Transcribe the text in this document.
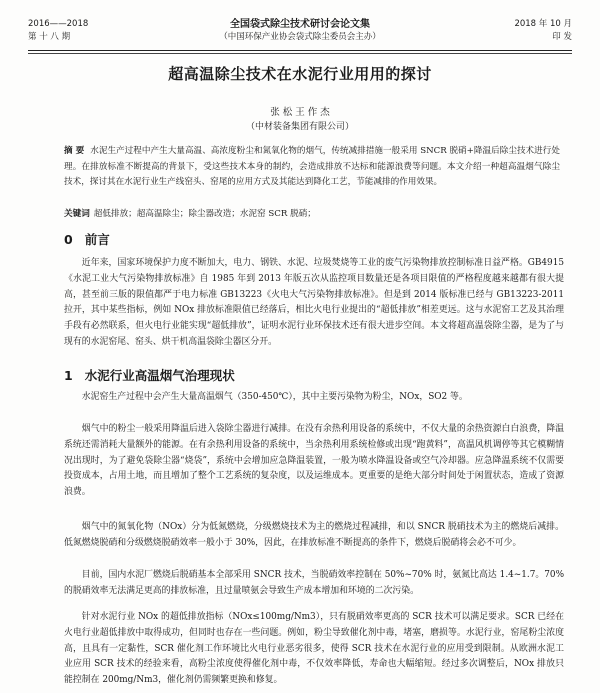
2016——2018
第 十 八 期
全国袋式除尘技术研讨会论文集
（中国环保产业协会袋式除尘委员会主办）
2018 年 10 月
印 发
超高温除尘技术在水泥行业用用的探讨
张 松 王 作 杰
（中材装备集团有限公司）
摘 要 水泥生产过程中产生大量高温、高浓度粉尘和氮氧化物的烟气，传统减排措施一般采用 SNCR 脱硝+降温后除尘技术进行处理。在排放标准不断提高的背景下，受这些技术本身的制约，会造成排放不达标和能源浪费等问题。本文介绍一种超高温烟气除尘技术，探讨其在水泥行业生产线窑头、窑尾的应用方式及其能达到降化工艺，节能减排的作用效果。
关键词 超低排放；超高温除尘；除尘器改造；水泥窑 SCR 脱硝；
0 前言
近年来，国家环境保护力度不断加大，电力、钢铁、水泥、垃圾焚烧等工业的废气污染物排放控制标准日益严格。GB4915《水泥工业大气污染物排放标准》自 1985 年到 2013 年版五次从监控项目数量还是各项目限值的严格程度越来越都有很大提高，甚至前三版的限值都严于电力标准 GB13223《火电大气污染物排放标准》。但是到 2014 版标准已经与 GB13223-2011 拉开，其中某些指标，例如 NOx 排放标准限值已经落后，相比火电行业提出的“超低排放”相差更远。这与水泥窑工艺及其治理手段有必然联系，但火电行业能实现“超低排放”，证明水泥行业环保技术还有很大进步空间。本文将超高温袋除尘器，是为了与现有的水泥窑尾、窑头、烘干机高温袋除尘器区分开。
1 水泥行业高温烟气治理现状
水泥窑生产过程中会产生大量高温烟气（350-450℃），其中主要污染物为粉尘，NOx，SO2 等。
烟气中的粉尘一般采用降温后进入袋除尘器进行减排。在没有余热利用设备的系统中，不仅大量的余热资源白白浪费，降温系统还需消耗大量额外的能源。在有余热利用设备的系统中，当余热利用系统检修或出现“跑黄料”，高温风机调停等其它模糊情况出现时，为了避免袋除尘器“烧袋”，系统中会增加应急降温装置，一般为喷水降温设备或空气冷却器。应急降温系统不仅需要投资成本，占用土地，而且增加了整个工艺系统的复杂度，以及运维成本。更重要的是绝大部分时间处于闲置状态，造成了资源浪费。
烟气中的氮氧化物（NOx）分为低氮燃烧，分级燃烧技术为主的燃烧过程减排，和以 SNCR 脱硝技术为主的燃烧后减排。低氮燃烧脱硝和分级燃烧脱硝效率一般小于 30%，因此，在排放标准不断提高的条件下，燃烧后脱硝将会必不可少。
目前，国内水泥厂燃烧后脱硝基本全部采用 SNCR 技术，当脱硝效率控制在 50%~70% 时，氨氮比高达 1.4~1.7。70% 的脱硝效率无法满足更高的排放标准，且过量喷氨会导致生产成本增加和环境的二次污染。
针对水泥行业 NOx 的超低排放指标（NOx≤100mg/Nm3），只有脱硝效率更高的 SCR 技术可以满足要求。SCR 已经在火电行业超低排放中取得成功，但同时也存在一些问题。例如，粉尘导致催化剂中毒，堵塞，磨损等。水泥行业，窑尾粉尘浓度高，且具有一定黏性，SCR 催化剂工作环境比火电行业恶劣很多，使得 SCR 技术在水泥行业的应用受到限制。从欧洲水泥工业应用 SCR 技术的经验来看，高粉尘浓度使得催化剂中毒，不仅效率降低，寿命也大幅缩短。经过多次调整后，NOx 排放只能控制在 200mg/Nm3，催化剂仍需频繁更换和修复。
